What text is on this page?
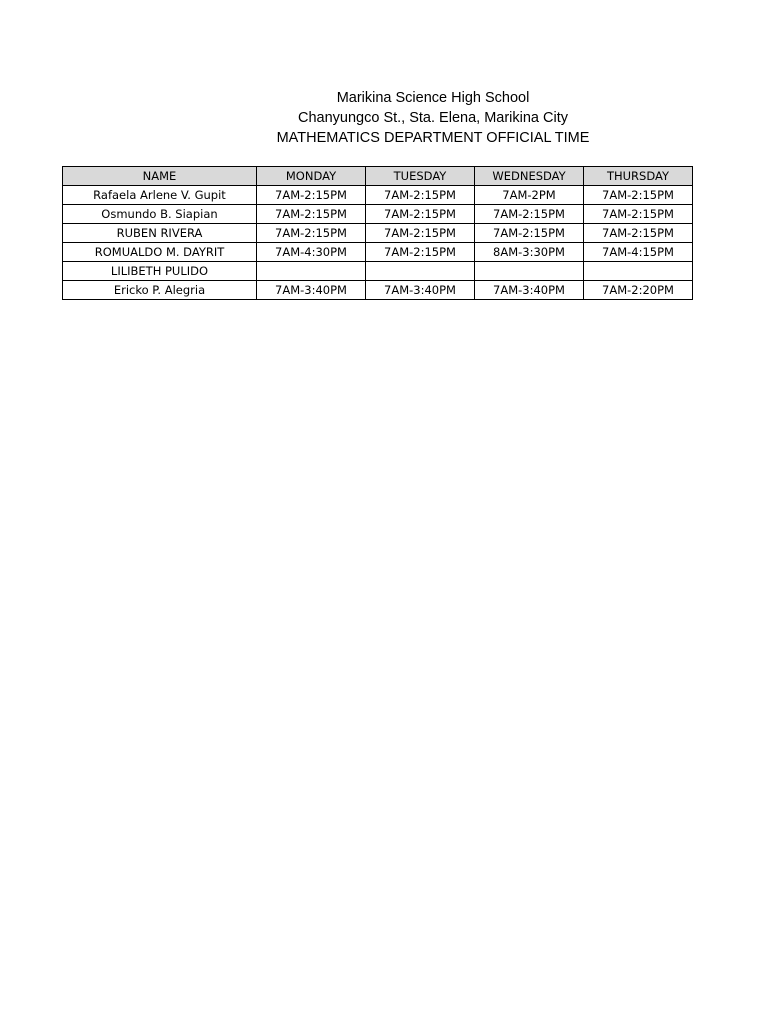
Marikina Science High School
Chanyungco St., Sta. Elena, Marikina City
MATHEMATICS DEPARTMENT OFFICIAL TIME
NAME	MONDAY	TUESDAY	WEDNESDAY	THURSDAY
Rafaela Arlene V. Gupit	7AM-2:15PM	7AM-2:15PM	7AM-2PM	7AM-2:15PM
Osmundo B. Siapian	7AM-2:15PM	7AM-2:15PM	7AM-2:15PM	7AM-2:15PM
RUBEN RIVERA	7AM-2:15PM	7AM-2:15PM	7AM-2:15PM	7AM-2:15PM
ROMUALDO M. DAYRIT	7AM-4:30PM	7AM-2:15PM	8AM-3:30PM	7AM-4:15PM
LILIBETH PULIDO				
Ericko P. Alegria	7AM-3:40PM	7AM-3:40PM	7AM-3:40PM	7AM-2:20PM
